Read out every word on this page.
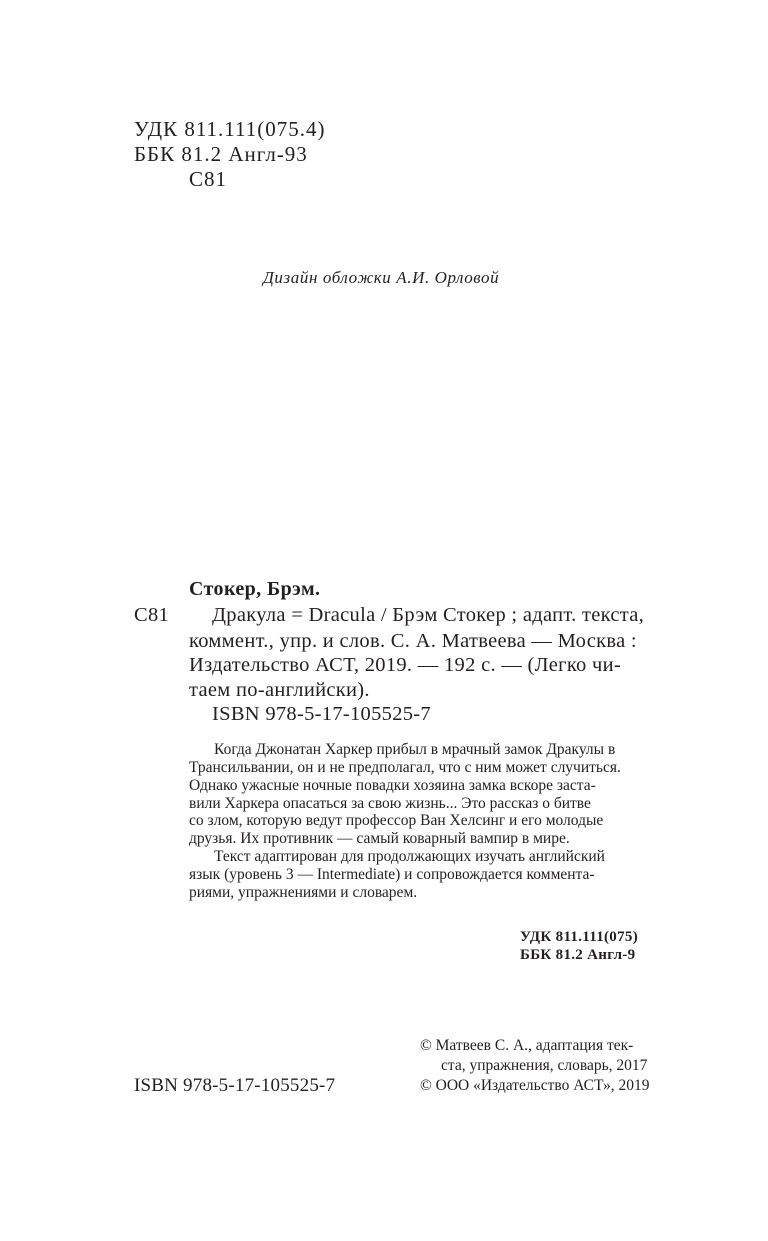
УДК 811.111(075.4)
ББК 81.2 Англ-93
С81
Дизайн обложки А.И. Орловой
Стокер, Брэм.
С81 Дракула = Dracula / Брэм Стокер ; адапт. текста,
коммент., упр. и слов. С. А. Матвеева — Москва :
Издательство АСТ, 2019. — 192 с. — (Легко чи-
таем по-английски).
ISBN 978-5-17-105525-7
Когда Джонатан Харкер прибыл в мрачный замок Дракулы в
Трансильвании, он и не предполагал, что с ним может случиться.
Однако ужасные ночные повадки хозяина замка вскоре заста-
вили Харкера опасаться за свою жизнь... Это рассказ о битве
со злом, которую ведут профессор Ван Хелсинг и его молодые
друзья. Их противник — самый коварный вампир в мире.
Текст адаптирован для продолжающих изучать английский
язык (уровень 3 — Intermediate) и сопровождается коммента-
риями, упражнениями и словарем.
УДК 811.111(075)
ББК 81.2 Англ-9
© Матвеев С. А., адаптация тек-
ста, упражнения, словарь, 2017
© ООО «Издательство АСТ», 2019
ISBN 978-5-17-105525-7
